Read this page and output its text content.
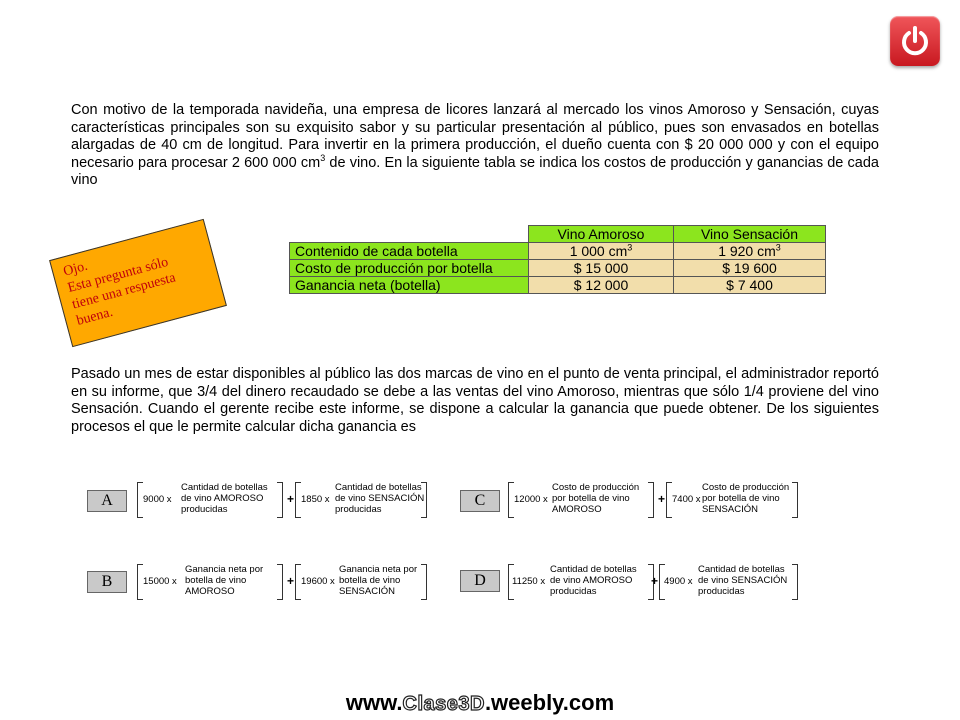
Con motivo de la temporada navideña, una empresa de licores lanzará al mercado los vinos Amoroso y Sensación, cuyas características principales son su exquisito sabor y su particular presentación al público, pues son envasados en botellas alargadas de 40 cm de longitud. Para invertir en la primera producción, el dueño cuenta con $ 20 000 000 y con el equipo necesario para procesar 2 600 000 $cm^3$ de vino. En la siguiente tabla se indica los costos de producción y ganancias de cada vino

Ojo.
Esta pregunta sólo
tiene una respuesta
buena.
	Vino Amoroso	Vino Sensación
Contenido de cada botella	1 000 $cm^3$	1 920 $cm^3$
Costo de producción por botella	$ 15 000	$ 19 600
Ganancia neta (botella)	$ 12 000	$ 7 400

Pasado un mes de estar disponibles al público las dos marcas de vino en el punto de venta principal, el administrador reportó en su informe, que 3/4 del dinero recaudado se debe a las ventas del vino Amoroso, mientras que sólo 1/4 proviene del vino Sensación. Cuando el gerente recibe este informe, se dispone a calcular la ganancia que puede obtener. De los siguientes procesos el que le permite calcular dicha ganancia es

A	9000 x
Cantidad de botellas
de vino AMOROSO
producidas
+ 1850 x
Cantidad de botellas
de vino SENSACIÓN
producidas
C	12000 x
Costo de producción
por botella de vino
AMOROSO
+ 7400 x
Costo de producción
por botella de vino
SENSACIÓN
B	15000 x
Ganancia neta por
botella de vino
AMOROSO
+ 19600 x
Ganancia neta por
botella de vino
SENSACIÓN
D	11250 x
Cantidad de botellas
de vino AMOROSO
producidas
+ 4900 x
Cantidad de botellas
de vino SENSACIÓN
producidas
www.Clase3D.weebly.com
